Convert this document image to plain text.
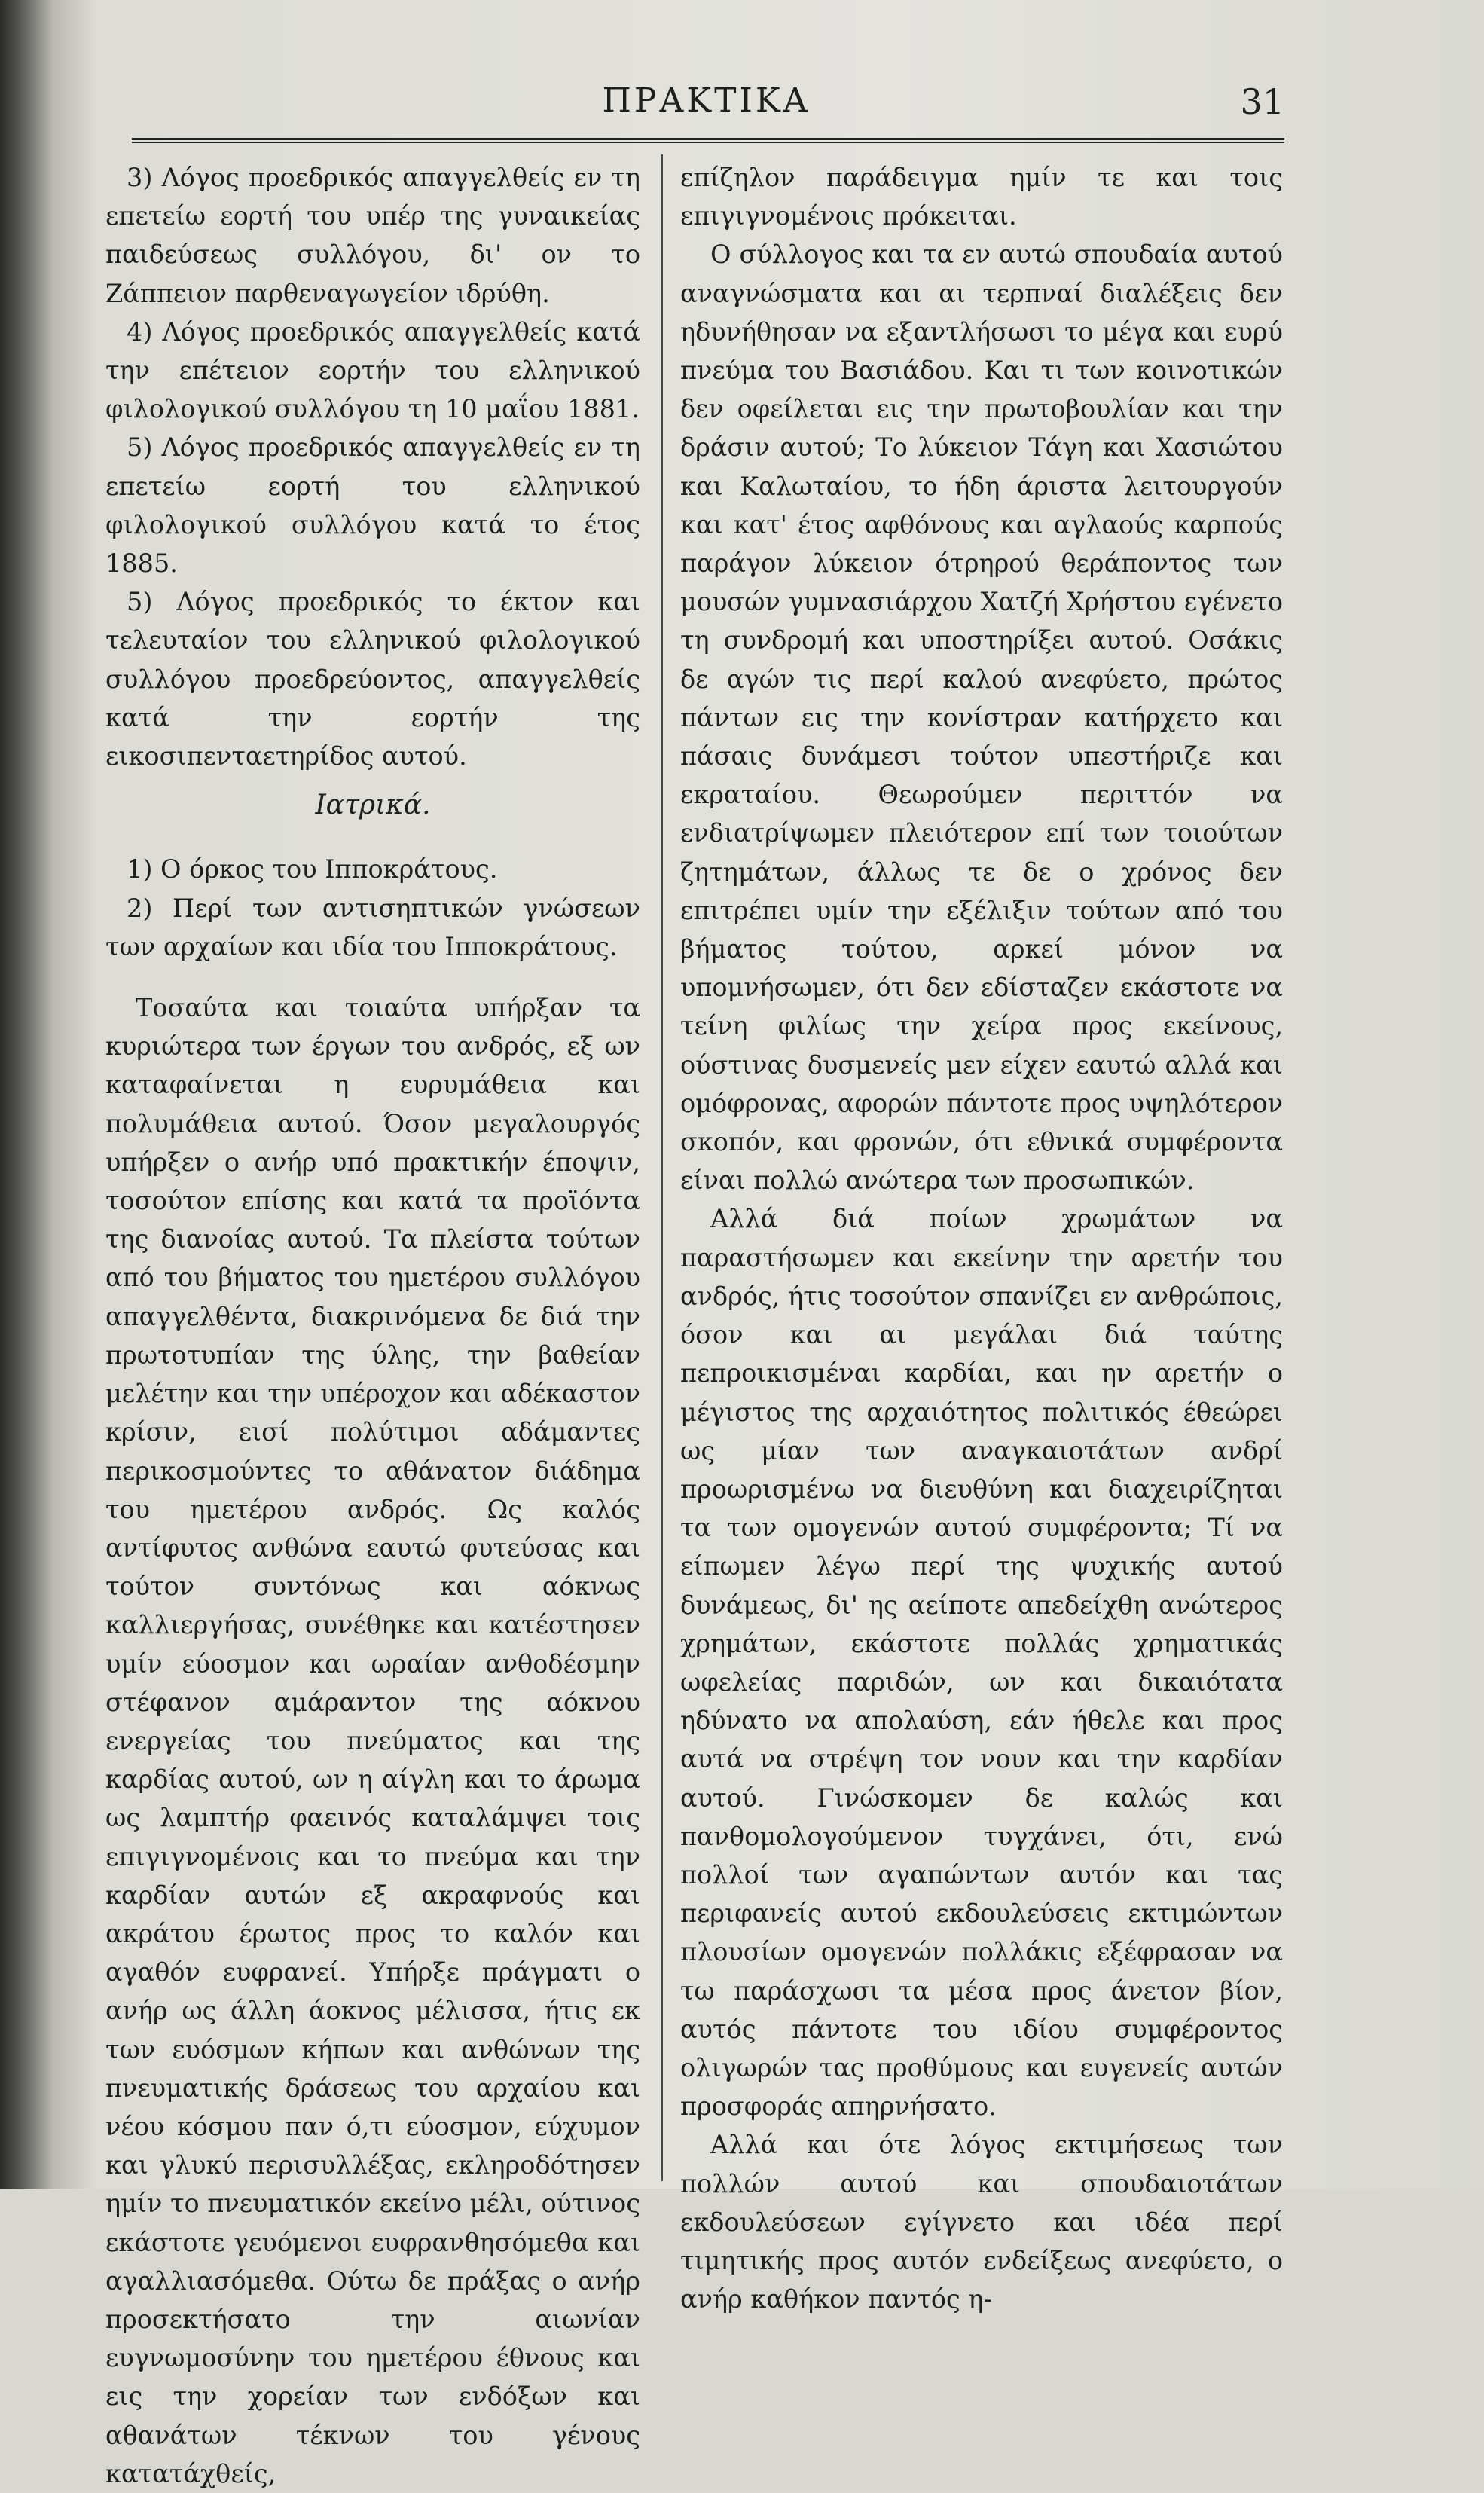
ΠΡΑΚΤΙΚΑ	31

3) Λόγος προεδρικός απαγγελθείς εν τη επετείω εορτή του υπέρ της γυναικείας παιδεύσεως συλλόγου, δι' ον το Ζάππειον παρθεναγωγείον ιδρύθη.

4) Λόγος προεδρικός απαγγελθείς κατά την επέτειον εορτήν του ελληνικού φιλολογικού συλλόγου τη 10 μαΐου 1881.

5) Λόγος προεδρικός απαγγελθείς εν τη επετείω εορτή του ελληνικού φιλολογικού συλλόγου κατά το έτος 1885.

5) Λόγος προεδρικός το έκτον και τελευταίον του ελληνικού φιλολογικού συλλόγου προεδρεύοντος, απαγγελθείς κατά την εορτήν της εικοσιπενταετηρίδος αυτού.

Ιατρικά.

1) Ο όρκος του Ιπποκράτους.

2) Περί των αντισηπτικών γνώσεων των αρχαίων και ιδία του Ιπποκράτους.

Τοσαύτα και τοιαύτα υπήρξαν τα κυριώτερα των έργων του ανδρός, εξ ων καταφαίνεται η ευρυμάθεια και πολυμάθεια αυτού. Όσον μεγαλουργός υπήρξεν ο ανήρ υπό πρακτικήν έποψιν, τοσούτον επίσης και κατά τα προϊόντα της διανοίας αυτού. Τα πλείστα τούτων από του βήματος του ημετέρου συλλόγου απαγγελθέντα, διακρινόμενα δε διά την πρωτοτυπίαν της ύλης, την βαθείαν μελέτην και την υπέροχον και αδέκαστον κρίσιν, εισί πολύτιμοι αδάμαντες περικοσμούντες το αθάνατον διάδημα του ημετέρου ανδρός. Ως καλός αντίφυτος ανθώνα εαυτώ φυτεύσας και τούτον συντόνως και αόκνως καλλιεργήσας, συνέθηκε και κατέστησεν υμίν εύοσμον και ωραίαν ανθοδέσμην στέφανον αμάραντον της αόκνου ενεργείας του πνεύματος και της καρδίας αυτού, ων η αίγλη και το άρωμα ως λαμπτήρ φαεινός καταλάμψει τοις επιγιγνομένοις και το πνεύμα και την καρδίαν αυτών εξ ακραφνούς και ακράτου έρωτος προς το καλόν και αγαθόν ευφρανεί. Υπήρξε πράγματι ο ανήρ ως άλλη άοκνος μέλισσα, ήτις εκ των ευόσμων κήπων και ανθώνων της πνευματικής δράσεως του αρχαίου και νέου κόσμου παν ό,τι εύοσμον, εύχυμον και γλυκύ περισυλλέξας, εκληροδότησεν ημίν το πνευματικόν εκείνο μέλι, ούτινος εκάστοτε γευόμενοι ευφρανθησόμεθα και αγαλλιασόμεθα. Ούτω δε πράξας ο ανήρ προσεκτήσατο την αιωνίαν ευγνωμοσύνην του ημετέρου έθνους και εις την χορείαν των ενδόξων και αθανάτων τέκνων του γένους κατατάχθείς,

επίζηλον παράδειγμα ημίν τε και τοις επιγιγνομένοις πρόκειται.

Ο σύλλογος και τα εν αυτώ σπουδαία αυτού αναγνώσματα και αι τερπναί διαλέξεις δεν ηδυνήθησαν να εξαντλήσωσι το μέγα και ευρύ πνεύμα του Βασιάδου. Και τι των κοινοτικών δεν οφείλεται εις την πρωτοβουλίαν και την δράσιν αυτού; Το λύκειον Τάγη και Χασιώτου και Καλωταίου, το ήδη άριστα λειτουργούν και κατ' έτος αφθόνους και αγλαούς καρπούς παράγον λύκειον ότρηρού θεράποντος των μουσών γυμνασιάρχου Χατζή Χρήστου εγένετο τη συνδρομή και υποστηρίξει αυτού. Οσάκις δε αγών τις περί καλού ανεφύετο, πρώτος πάντων εις την κονίστραν κατήρχετο και πάσαις δυνάμεσι τούτον υπεστήριζε και εκραταίου. Θεωρούμεν περιττόν να ενδιατρίψωμεν πλειότερον επί των τοιούτων ζητημάτων, άλλως τε δε ο χρόνος δεν επιτρέπει υμίν την εξέλιξιν τούτων από του βήματος τούτου, αρκεί μόνον να υπομνήσωμεν, ότι δεν εδίσταζεν εκάστοτε να τείνη φιλίως την χείρα προς εκείνους, ούστινας δυσμενείς μεν είχεν εαυτώ αλλά και ομόφρονας, αφορών πάντοτε προς υψηλότερον σκοπόν, και φρονών, ότι εθνικά συμφέροντα είναι πολλώ ανώτερα των προσωπικών.

Αλλά διά ποίων χρωμάτων να παραστήσωμεν και εκείνην την αρετήν του ανδρός, ήτις τοσούτον σπανίζει εν ανθρώποις, όσον και αι μεγάλαι διά ταύτης πεπροικισμέναι καρδίαι, και ην αρετήν ο μέγιστος της αρχαιότητος πολιτικός έθεώρει ως μίαν των αναγκαιοτάτων ανδρί προωρισμένω να διευθύνη και διαχειρίζηται τα των ομογενών αυτού συμφέροντα; Τί να είπωμεν λέγω περί της ψυχικής αυτού δυνάμεως, δι' ης αείποτε απεδείχθη ανώτερος χρημάτων, εκάστοτε πολλάς χρηματικάς ωφελείας παριδών, ων και δικαιότατα ηδύνατο να απολαύση, εάν ήθελε και προς αυτά να στρέψη τον νουν και την καρδίαν αυτού. Γινώσκομεν δε καλώς και πανθομολογούμενον τυγχάνει, ότι, ενώ πολλοί των αγαπώντων αυτόν και τας περιφανείς αυτού εκδουλεύσεις εκτιμώντων πλουσίων ομογενών πολλάκις εξέφρασαν να τω παράσχωσι τα μέσα προς άνετον βίον, αυτός πάντοτε του ιδίου συμφέροντος ολιγωρών τας προθύμους και ευγενείς αυτών προσφοράς απηρνήσατο.

Αλλά και ότε λόγος εκτιμήσεως των πολλών αυτού και σπουδαιοτάτων εκδουλεύσεων εγίγνετο και ιδέα περί τιμητικής προς αυτόν ενδείξεως ανεφύετο, ο ανήρ καθήκον παντός η-
